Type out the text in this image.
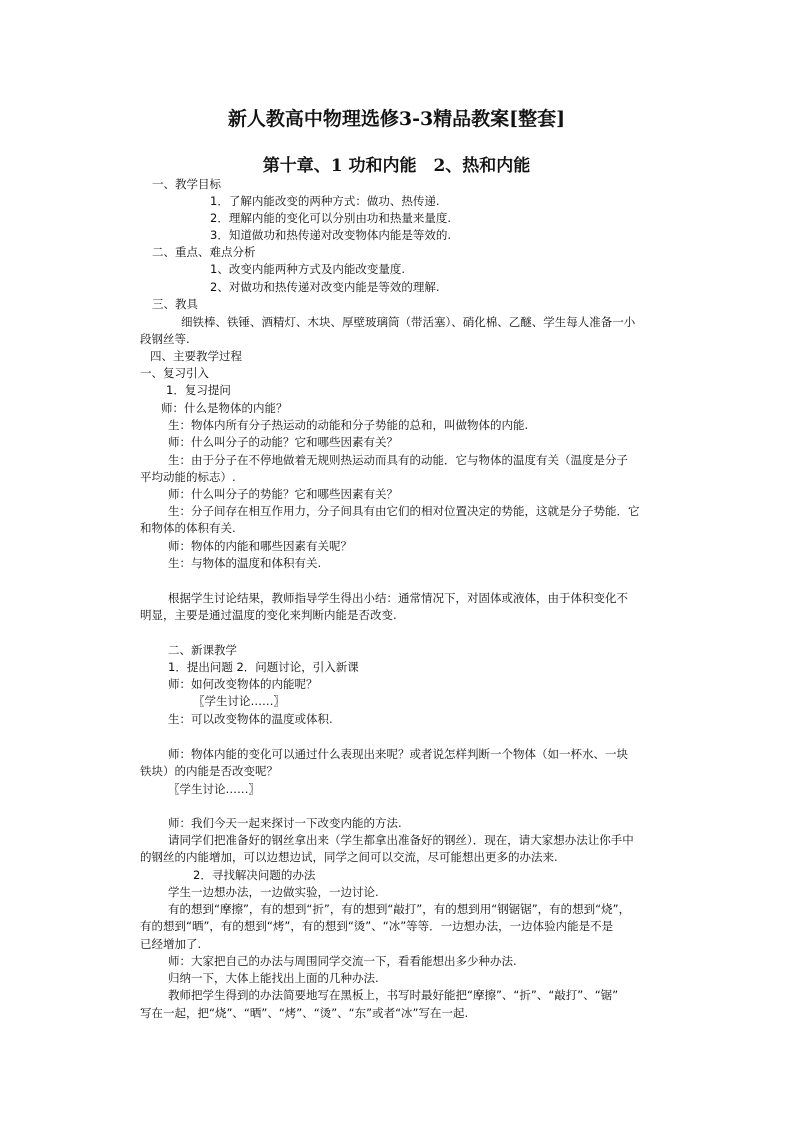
新人教高中物理选修3-3精品教案[整套]
第十章、1 功和内能　2、热和内能
一、教学目标
1．了解内能改变的两种方式：做功、热传递.
2．理解内能的变化可以分别由功和热量来量度.
3．知道做功和热传递对改变物体内能是等效的.
二、重点、难点分析
1、改变内能两种方式及内能改变量度.
2、对做功和热传递对改变内能是等效的理解.
三、教具
细铁棒、铁锤、酒精灯、木块、厚壁玻璃筒（带活塞）、硝化棉、乙醚、学生每人准备一小
段钢丝等.
四、主要教学过程
一、复习引入
1．复习提问
师：什么是物体的内能？
生：物体内所有分子热运动的动能和分子势能的总和，叫做物体的内能.
师：什么叫分子的动能？它和哪些因素有关？
生：由于分子在不停地做着无规则热运动而具有的动能．它与物体的温度有关（温度是分子
平均动能的标志）.
师：什么叫分子的势能？它和哪些因素有关？
生：分子间存在相互作用力，分子间具有由它们的相对位置决定的势能，这就是分子势能．它
和物体的体积有关.
师：物体的内能和哪些因素有关呢？
生：与物体的温度和体积有关.
根据学生讨论结果，教师指导学生得出小结：通常情况下，对固体或液体，由于体积变化不
明显，主要是通过温度的变化来判断内能是否改变.
二、新课教学
1．提出问题 2．问题讨论，引入新课
师：如何改变物体的内能呢？
〖学生讨论……〗
生：可以改变物体的温度或体积.
师：物体内能的变化可以通过什么表现出来呢？或者说怎样判断一个物体（如一杯水、一块
铁块）的内能是否改变呢？
〖学生讨论……〗
师：我们今天一起来探讨一下改变内能的方法.
请同学们把准备好的钢丝拿出来（学生都拿出准备好的钢丝）．现在，请大家想办法让你手中
的钢丝的内能增加，可以边想边试，同学之间可以交流，尽可能想出更多的办法来.
2．寻找解决问题的办法
学生一边想办法，一边做实验，一边讨论.
有的想到“摩擦”，有的想到“折”，有的想到“敲打”，有的想到用“钢锯锯”，有的想到“烧”，
有的想到“晒”，有的想到“烤”，有的想到“烫”、“冰”等等．一边想办法，一边体验内能是不是
已经增加了.
师：大家把自己的办法与周围同学交流一下，看看能想出多少种办法.
归纳一下，大体上能找出上面的几种办法.
教师把学生得到的办法简要地写在黑板上，书写时最好能把“摩擦”、“折”、“敲打”、“锯”
写在一起，把“烧”、“晒”、“烤”、“烫”、“东”或者“冰”写在一起.
